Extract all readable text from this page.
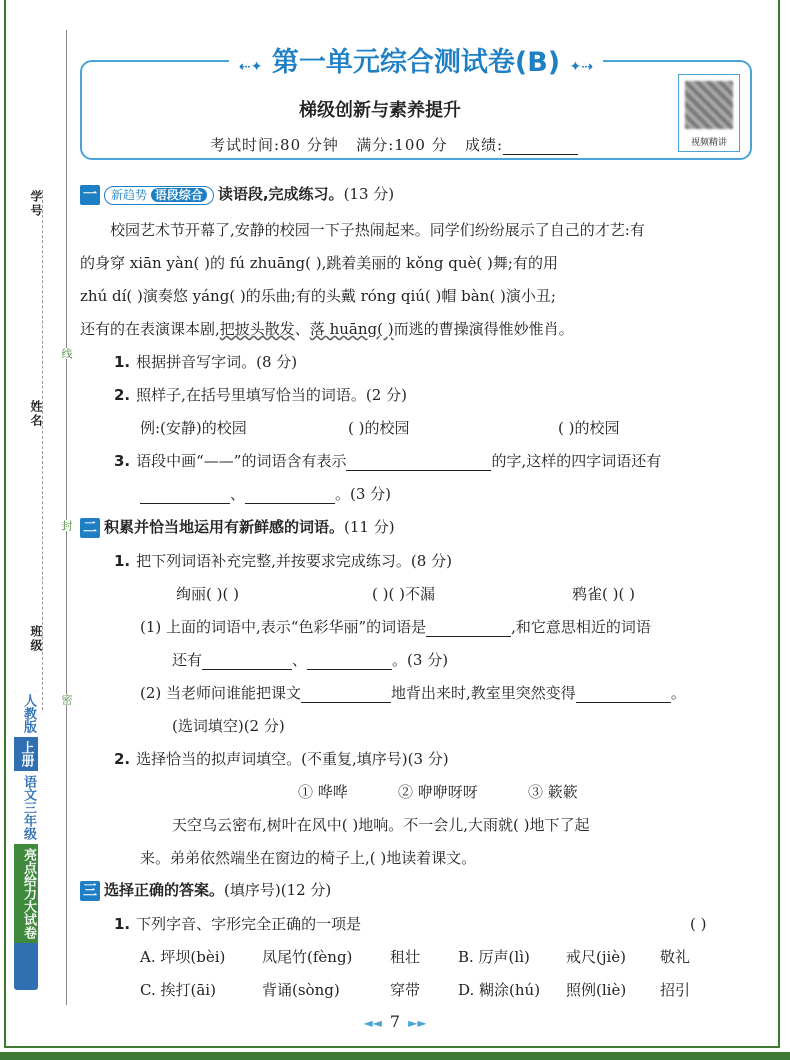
学号
线
姓名
封
班级
密
人教版
上册
语文三年级
亮点给力大试卷
⇠✦ 第一单元综合测试卷(B) ✦⇢
梯级创新与素养提升
考试时间:80 分钟 满分:100 分 成绩:	视频精讲
一 新趋势 语段综合 读语段,完成练习。(13 分)
校园艺术节开幕了,安静的校园一下子热闹起来。同学们纷纷展示了自己的才艺:有
的身穿 xiān yàn( )的 fú zhuāng( ),跳着美丽的 kǒng què( )舞;有的用
zhú dí( )演奏悠 yáng( )的乐曲;有的头戴 róng qiú( )帽 bàn( )演小丑;
还有的在表演课本剧,把披头散发、落 huāng( )而逃的曹操演得惟妙惟肖。
1. 根据拼音写字词。(8 分)
2. 照样子,在括号里填写恰当的词语。(2 分)
例:(安静)的校园	( )的校园	( )的校园
3. 语段中画“——”的词语含有表示	的字,这样的四字词语还有
、	。(3 分)
二 积累并恰当地运用有新鲜感的词语。(11 分)
1. 把下列词语补充完整,并按要求完成练习。(8 分)
绚丽( )( )	( )( )不漏	鸦雀( )( )
(1) 上面的词语中,表示“色彩华丽”的词语是	,和它意思相近的词语
还有	、	。(3 分)
(2) 当老师问谁能把课文	地背出来时,教室里突然变得	。
(选词填空)(2 分)
2. 选择恰当的拟声词填空。(不重复,填序号)(3 分)
① 哗哗	② 咿咿呀呀	③ 簌簌
天空乌云密布,树叶在风中( )地响。不一会儿,大雨就( )地下了起
来。弟弟依然端坐在窗边的椅子上,( )地读着课文。
三 选择正确的答案。(填序号)(12 分)
1. 下列字音、字形完全正确的一项是	( )
A. 坪坝(bèi) 凤尾竹(fèng)	租壮	B. 厉声(lì) 戒尺(jiè) 敬礼
C. 挨打(āi)	背诵(sòng)	穿带	D. 糊涂(hú) 照例(liè) 招引
◄◄ 7 ►►
